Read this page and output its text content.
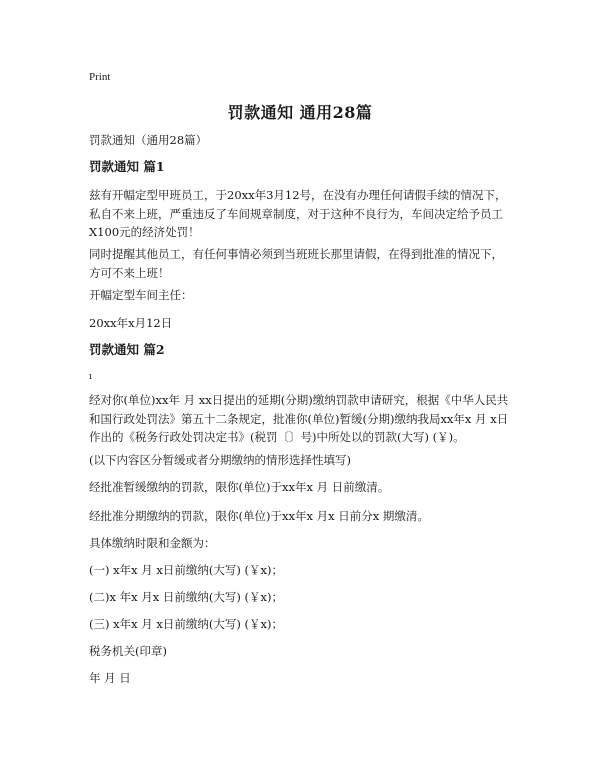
Print
罚款通知 通用28篇
罚款通知（通用28篇）
罚款通知 篇1
兹有开幅定型甲班员工，于20xx年3月12号，在没有办理任何请假手续的情况下，
私自不来上班，严重违反了车间规章制度，对于这种不良行为，车间决定给予员工
X100元的经济处罚！
同时提醒其他员工，有任何事情必须到当班班长那里请假，在得到批准的情况下，
方可不来上班！
开幅定型车间主任：
20xx年x月12日
罚款通知 篇2
ı
经对你(单位)xx年 月 xx日提出的延期(分期)缴纳罚款申请研究，根据《中华人民共
和国行政处罚法》第五十二条规定，批准你(单位)暂缓(分期)缴纳我局xx年x 月 x日
作出的《税务行政处罚决定书》(税罚〔〕号)中所处以的罚款(大写) (￥)。
(以下内容区分暂缓或者分期缴纳的情形选择性填写)
经批准暂缓缴纳的罚款，限你(单位)于xx年x 月 日前缴清。
经批准分期缴纳的罚款，限你(单位)于xx年x 月x 日前分x 期缴清。
具体缴纳时限和金额为：
(一) x年x 月 x日前缴纳(大写) (￥x)；
(二)x 年x 月x 日前缴纳(大写) (￥x)；
(三) x年x 月 x日前缴纳(大写) (￥x)；
税务机关(印章)
年 月 日
